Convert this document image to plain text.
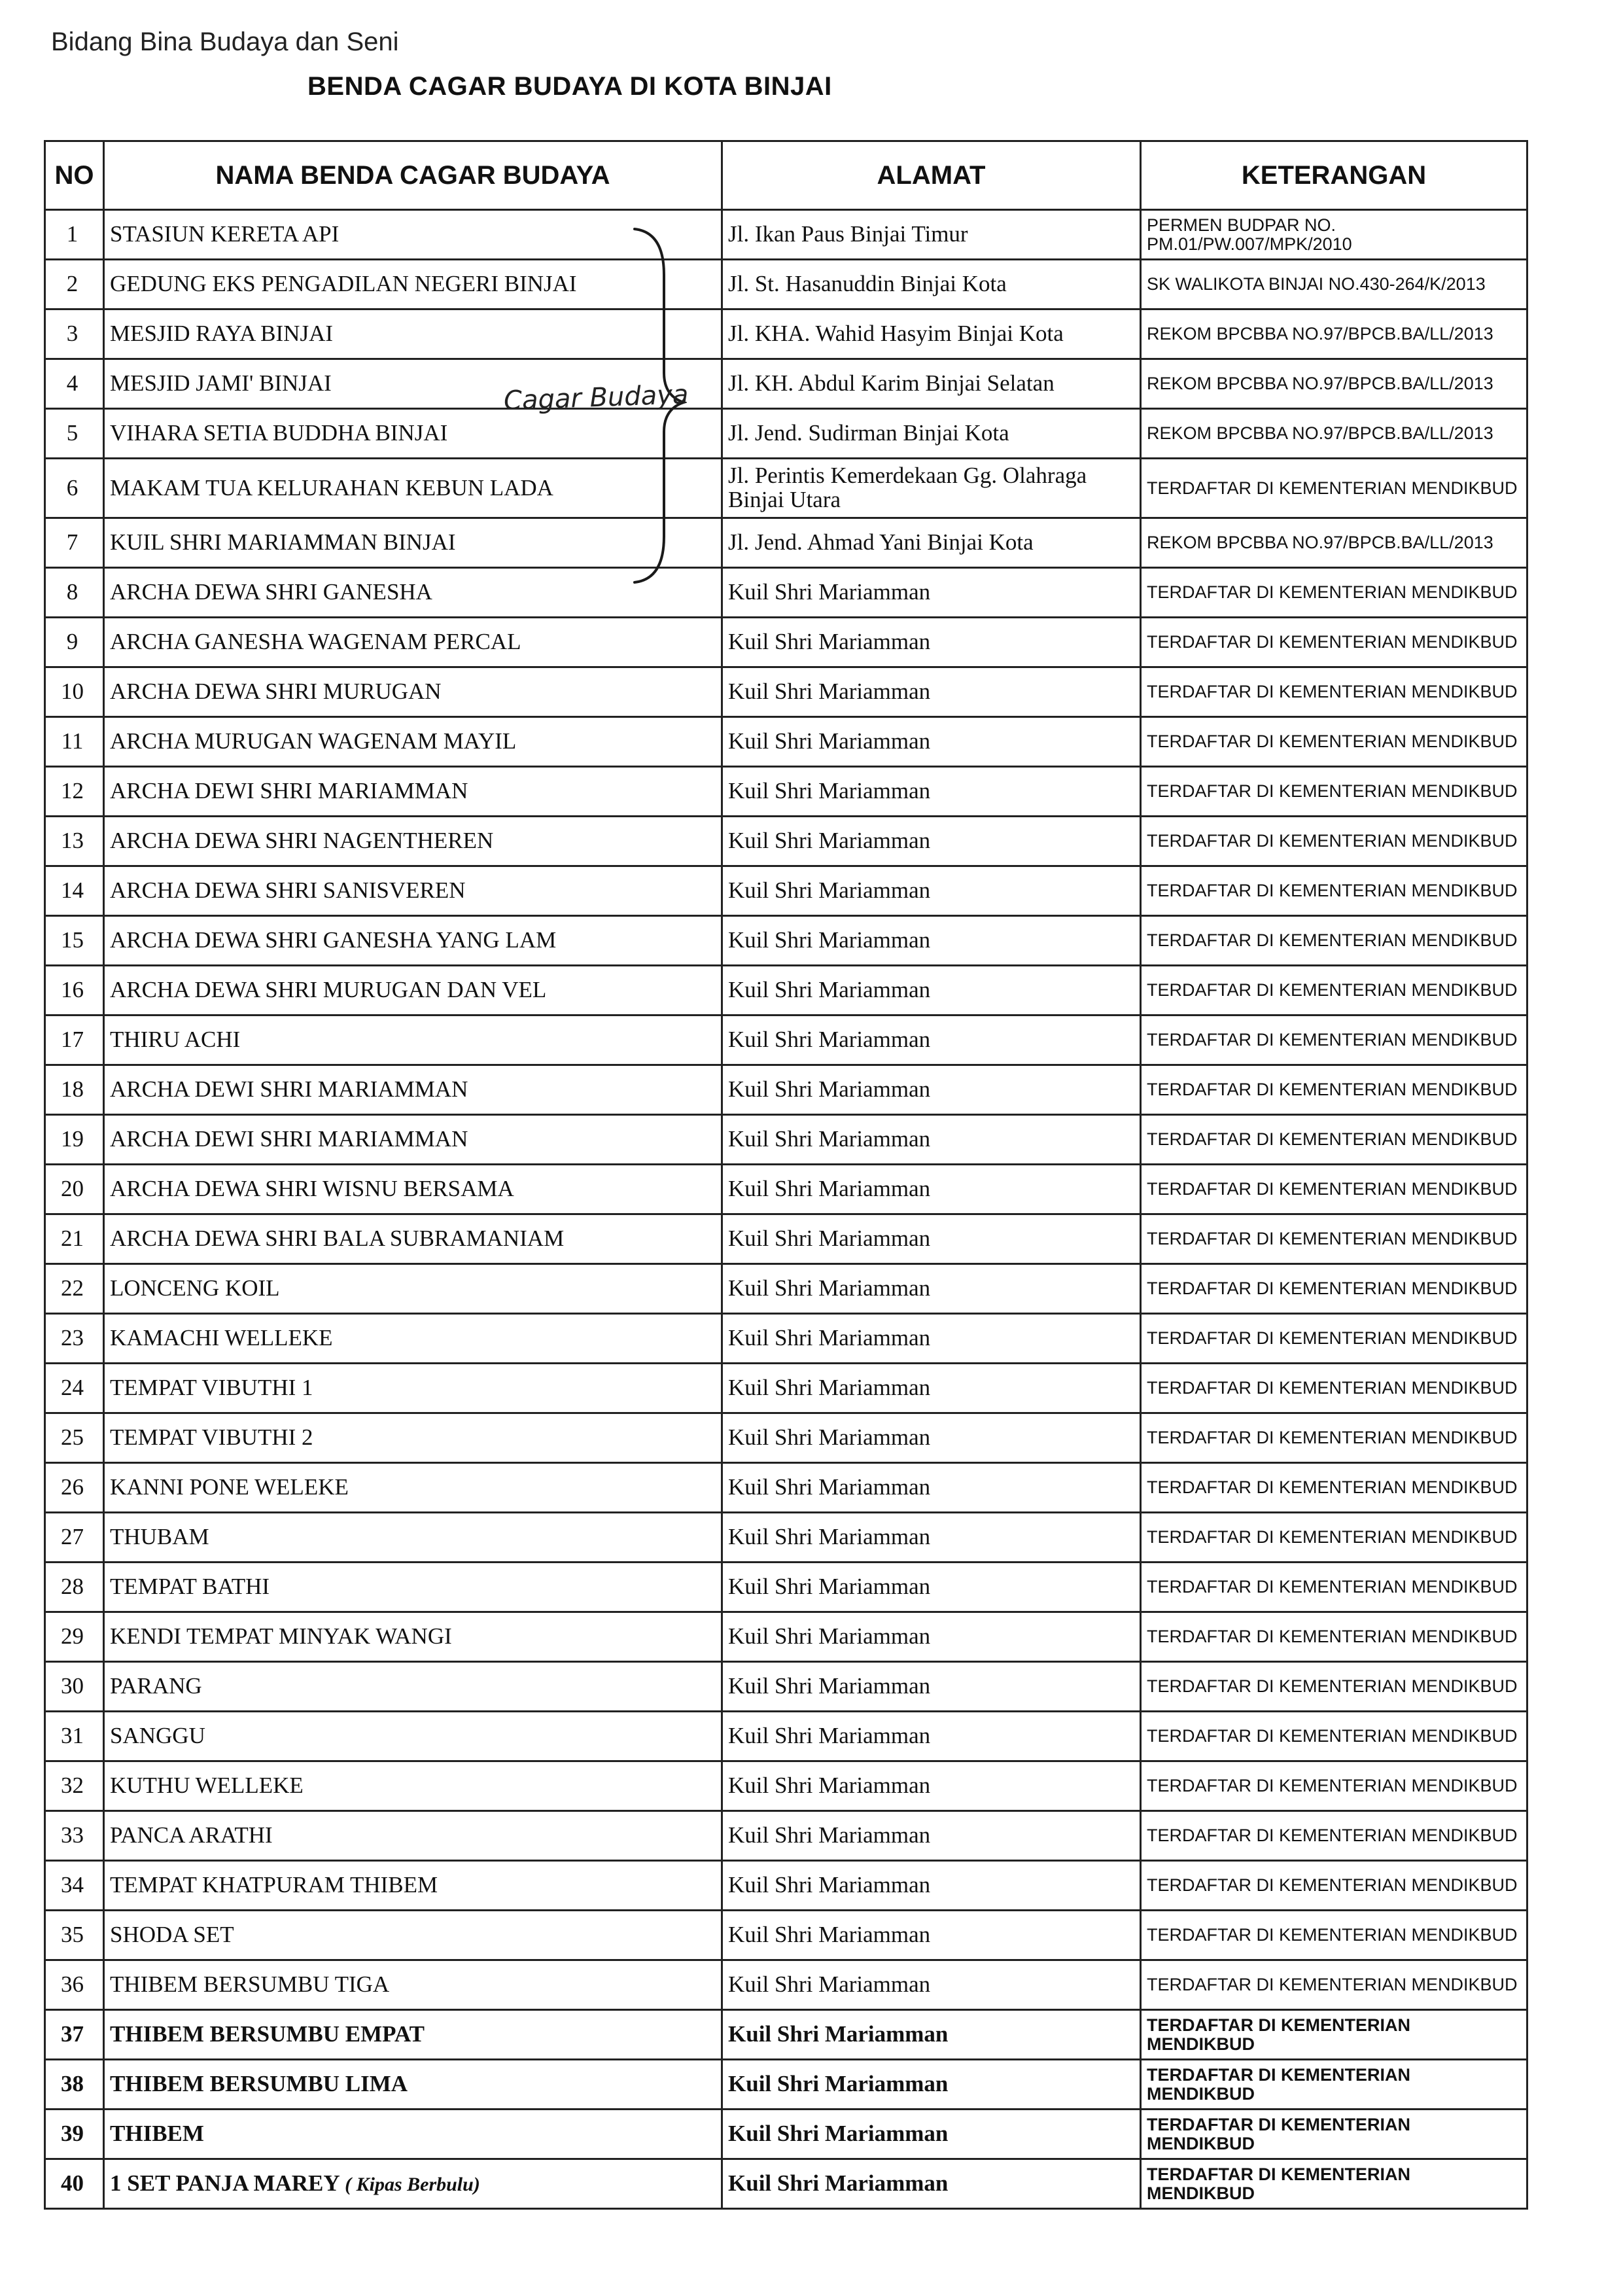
Bidang Bina Budaya dan Seni
BENDA CAGAR BUDAYA DI KOTA BINJAI
NO	NAMA BENDA CAGAR BUDAYA	ALAMAT	KETERANGAN
1	STASIUN KERETA API	Jl. Ikan Paus Binjai Timur	PERMEN BUDPAR NO. PM.01/PW.007/MPK/2010
2	GEDUNG EKS PENGADILAN NEGERI BINJAI	Jl. St. Hasanuddin Binjai Kota	SK WALIKOTA BINJAI NO.430-264/K/2013
3	MESJID RAYA BINJAI	Jl. KHA. Wahid Hasyim Binjai Kota	REKOM BPCBBA NO.97/BPCB.BA/LL/2013
4	MESJID JAMI' BINJAI	Jl. KH. Abdul Karim Binjai Selatan	REKOM BPCBBA NO.97/BPCB.BA/LL/2013
5	VIHARA SETIA BUDDHA BINJAI	Jl. Jend. Sudirman Binjai Kota	REKOM BPCBBA NO.97/BPCB.BA/LL/2013
6	MAKAM TUA KELURAHAN KEBUN LADA	Jl. Perintis Kemerdekaan Gg. Olahraga Binjai Utara	TERDAFTAR DI KEMENTERIAN MENDIKBUD
7	KUIL SHRI MARIAMMAN BINJAI	Jl. Jend. Ahmad Yani Binjai Kota	REKOM BPCBBA NO.97/BPCB.BA/LL/2013
8	ARCHA DEWA SHRI GANESHA	Kuil Shri Mariamman	TERDAFTAR DI KEMENTERIAN MENDIKBUD
9	ARCHA GANESHA WAGENAM PERCAL	Kuil Shri Mariamman	TERDAFTAR DI KEMENTERIAN MENDIKBUD
10	ARCHA DEWA SHRI MURUGAN	Kuil Shri Mariamman	TERDAFTAR DI KEMENTERIAN MENDIKBUD
11	ARCHA MURUGAN WAGENAM MAYIL	Kuil Shri Mariamman	TERDAFTAR DI KEMENTERIAN MENDIKBUD
12	ARCHA DEWI SHRI MARIAMMAN	Kuil Shri Mariamman	TERDAFTAR DI KEMENTERIAN MENDIKBUD
13	ARCHA DEWA SHRI NAGENTHEREN	Kuil Shri Mariamman	TERDAFTAR DI KEMENTERIAN MENDIKBUD
14	ARCHA DEWA SHRI SANISVEREN	Kuil Shri Mariamman	TERDAFTAR DI KEMENTERIAN MENDIKBUD
15	ARCHA DEWA SHRI GANESHA YANG LAM	Kuil Shri Mariamman	TERDAFTAR DI KEMENTERIAN MENDIKBUD
16	ARCHA DEWA SHRI MURUGAN DAN VEL	Kuil Shri Mariamman	TERDAFTAR DI KEMENTERIAN MENDIKBUD
17	THIRU ACHI	Kuil Shri Mariamman	TERDAFTAR DI KEMENTERIAN MENDIKBUD
18	ARCHA DEWI SHRI MARIAMMAN	Kuil Shri Mariamman	TERDAFTAR DI KEMENTERIAN MENDIKBUD
19	ARCHA DEWI SHRI MARIAMMAN	Kuil Shri Mariamman	TERDAFTAR DI KEMENTERIAN MENDIKBUD
20	ARCHA DEWA SHRI WISNU BERSAMA	Kuil Shri Mariamman	TERDAFTAR DI KEMENTERIAN MENDIKBUD
21	ARCHA DEWA SHRI BALA SUBRAMANIAM	Kuil Shri Mariamman	TERDAFTAR DI KEMENTERIAN MENDIKBUD
22	LONCENG KOIL	Kuil Shri Mariamman	TERDAFTAR DI KEMENTERIAN MENDIKBUD
23	KAMACHI WELLEKE	Kuil Shri Mariamman	TERDAFTAR DI KEMENTERIAN MENDIKBUD
24	TEMPAT VIBUTHI 1	Kuil Shri Mariamman	TERDAFTAR DI KEMENTERIAN MENDIKBUD
25	TEMPAT VIBUTHI 2	Kuil Shri Mariamman	TERDAFTAR DI KEMENTERIAN MENDIKBUD
26	KANNI PONE WELEKE	Kuil Shri Mariamman	TERDAFTAR DI KEMENTERIAN MENDIKBUD
27	THUBAM	Kuil Shri Mariamman	TERDAFTAR DI KEMENTERIAN MENDIKBUD
28	TEMPAT BATHI	Kuil Shri Mariamman	TERDAFTAR DI KEMENTERIAN MENDIKBUD
29	KENDI TEMPAT MINYAK WANGI	Kuil Shri Mariamman	TERDAFTAR DI KEMENTERIAN MENDIKBUD
30	PARANG	Kuil Shri Mariamman	TERDAFTAR DI KEMENTERIAN MENDIKBUD
31	SANGGU	Kuil Shri Mariamman	TERDAFTAR DI KEMENTERIAN MENDIKBUD
32	KUTHU WELLEKE	Kuil Shri Mariamman	TERDAFTAR DI KEMENTERIAN MENDIKBUD
33	PANCA ARATHI	Kuil Shri Mariamman	TERDAFTAR DI KEMENTERIAN MENDIKBUD
34	TEMPAT KHATPURAM THIBEM	Kuil Shri Mariamman	TERDAFTAR DI KEMENTERIAN MENDIKBUD
35	SHODA SET	Kuil Shri Mariamman	TERDAFTAR DI KEMENTERIAN MENDIKBUD
36	THIBEM BERSUMBU TIGA	Kuil Shri Mariamman	TERDAFTAR DI KEMENTERIAN MENDIKBUD
37	THIBEM BERSUMBU EMPAT	Kuil Shri Mariamman	TERDAFTAR DI KEMENTERIAN MENDIKBUD
38	THIBEM BERSUMBU LIMA	Kuil Shri Mariamman	TERDAFTAR DI KEMENTERIAN MENDIKBUD
39	THIBEM	Kuil Shri Mariamman	TERDAFTAR DI KEMENTERIAN MENDIKBUD
40	1 SET PANJA MAREY ( Kipas Berbulu)	Kuil Shri Mariamman	TERDAFTAR DI KEMENTERIAN MENDIKBUD
Cagar Budaya
